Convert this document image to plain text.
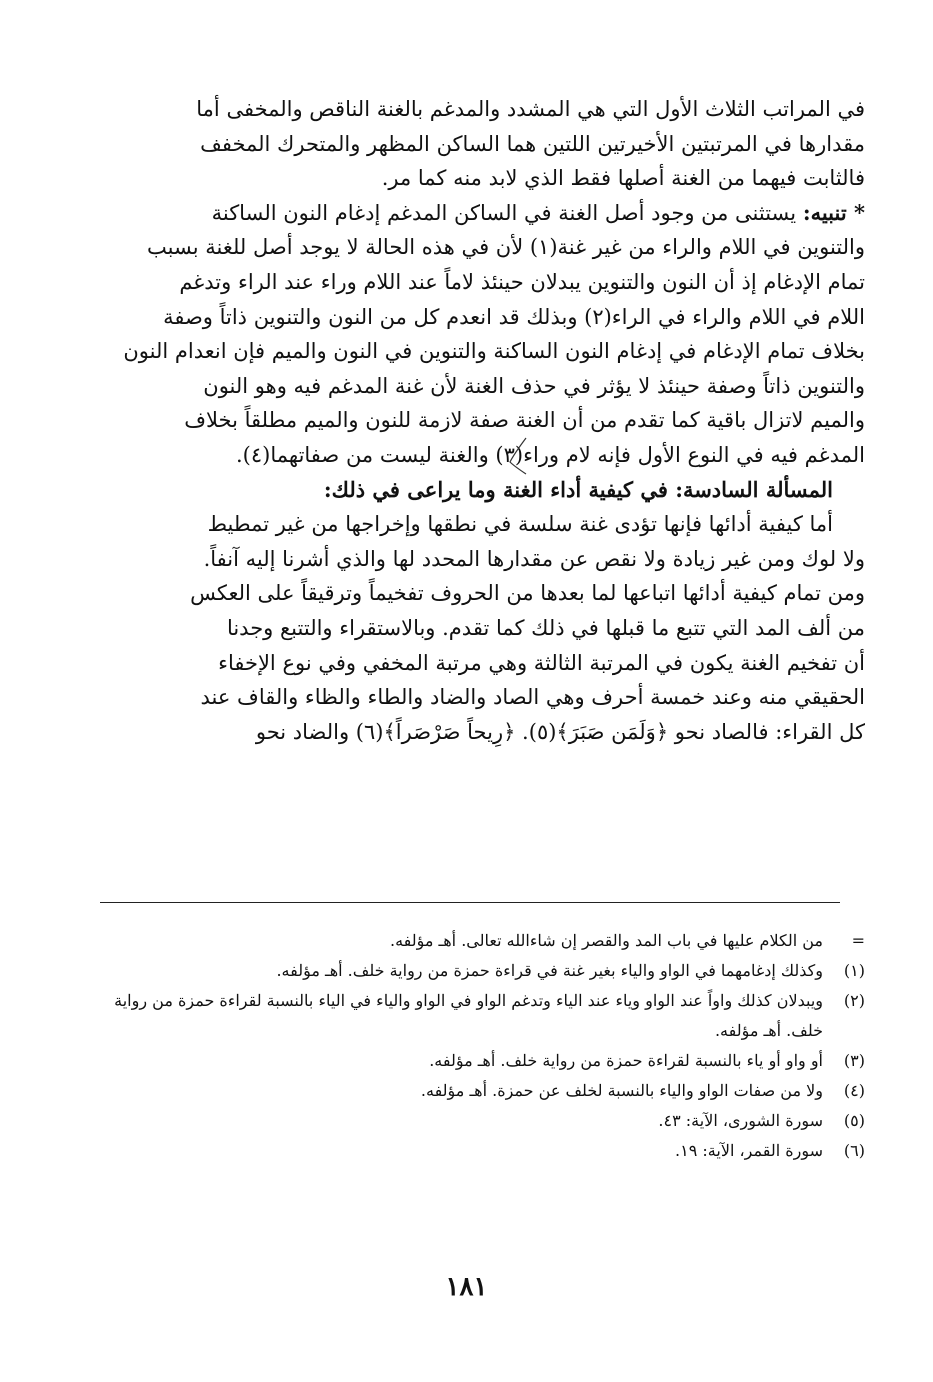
في المراتب الثلاث الأول التي هي المشدد والمدغم بالغنة الناقص والمخفى أما
مقدارها في المرتبتين الأخيرتين اللتين هما الساكن المظهر والمتحرك المخفف
فالثابت فيهما من الغنة أصلها فقط الذي لابد منه كما مر.

* تنبيه: يستثنى من وجود أصل الغنة في الساكن المدغم إدغام النون الساكنة
والتنوين في اللام والراء من غير غنة(١) لأن في هذه الحالة لا يوجد أصل للغنة بسبب
تمام الإدغام إذ أن النون والتنوين يبدلان حينئذ لاماً عند اللام وراء عند الراء وتدغم
اللام في اللام والراء في الراء(٢) وبذلك قد انعدم كل من النون والتنوين ذاتاً وصفة
بخلاف تمام الإدغام في إدغام النون الساكنة والتنوين في النون والميم فإن انعدام النون
والتنوين ذاتاً وصفة حينئذ لا يؤثر في حذف الغنة لأن غنة المدغم فيه وهو النون
والميم لاتزال باقية كما تقدم من أن الغنة صفة لازمة للنون والميم مطلقاً بخلاف
المدغم فيه في النوع الأول فإنه لام وراء(٣) والغنة ليست من صفاتهما(٤).

المسألة السادسة: في كيفية أداء الغنة وما يراعى في ذلك:

أما كيفية أدائها فإنها تؤدى غنة سلسة في نطقها وإخراجها من غير تمطيط
ولا لوك ومن غير زيادة ولا نقص عن مقدارها المحدد لها والذي أشرنا إليه آنفاً.
ومن تمام كيفية أدائها اتباعها لما بعدها من الحروف تفخيماً وترقيقاً على العكس
من ألف المد التي تتبع ما قبلها في ذلك كما تقدم. وبالاستقراء والتتبع وجدنا
أن تفخيم الغنة يكون في المرتبة الثالثة وهي مرتبة المخفي وفي نوع الإخفاء
الحقيقي منه وعند خمسة أحرف وهي الصاد والضاد والطاء والظاء والقاف عند
كل القراء: فالصاد نحو ﴿وَلَمَن صَبَرَ﴾(٥). ﴿رِيحاً صَرْصَراً﴾(٦) والضاد نحو

=
من الكلام عليها في باب المد والقصر إن شاءالله تعالى. أهـ مؤلفه.
(١)
وكذلك إدغامهما في الواو والياء بغير غنة في قراءة حمزة من رواية خلف. أهـ مؤلفه.
(٢)
ويبدلان كذلك واواً عند الواو وياء عند الياء وتدغم الواو في الواو والياء في الياء بالنسبة لقراءة حمزة من رواية خلف. أهـ مؤلفه.
(٣)
أو واو أو ياء بالنسبة لقراءة حمزة من رواية خلف. أهـ مؤلفه.
(٤)
ولا من صفات الواو والياء بالنسبة لخلف عن حمزة. أهـ مؤلفه.
(٥)
سورة الشورى، الآية: ٤٣.
(٦)
سورة القمر، الآية: ١٩.
١٨١
